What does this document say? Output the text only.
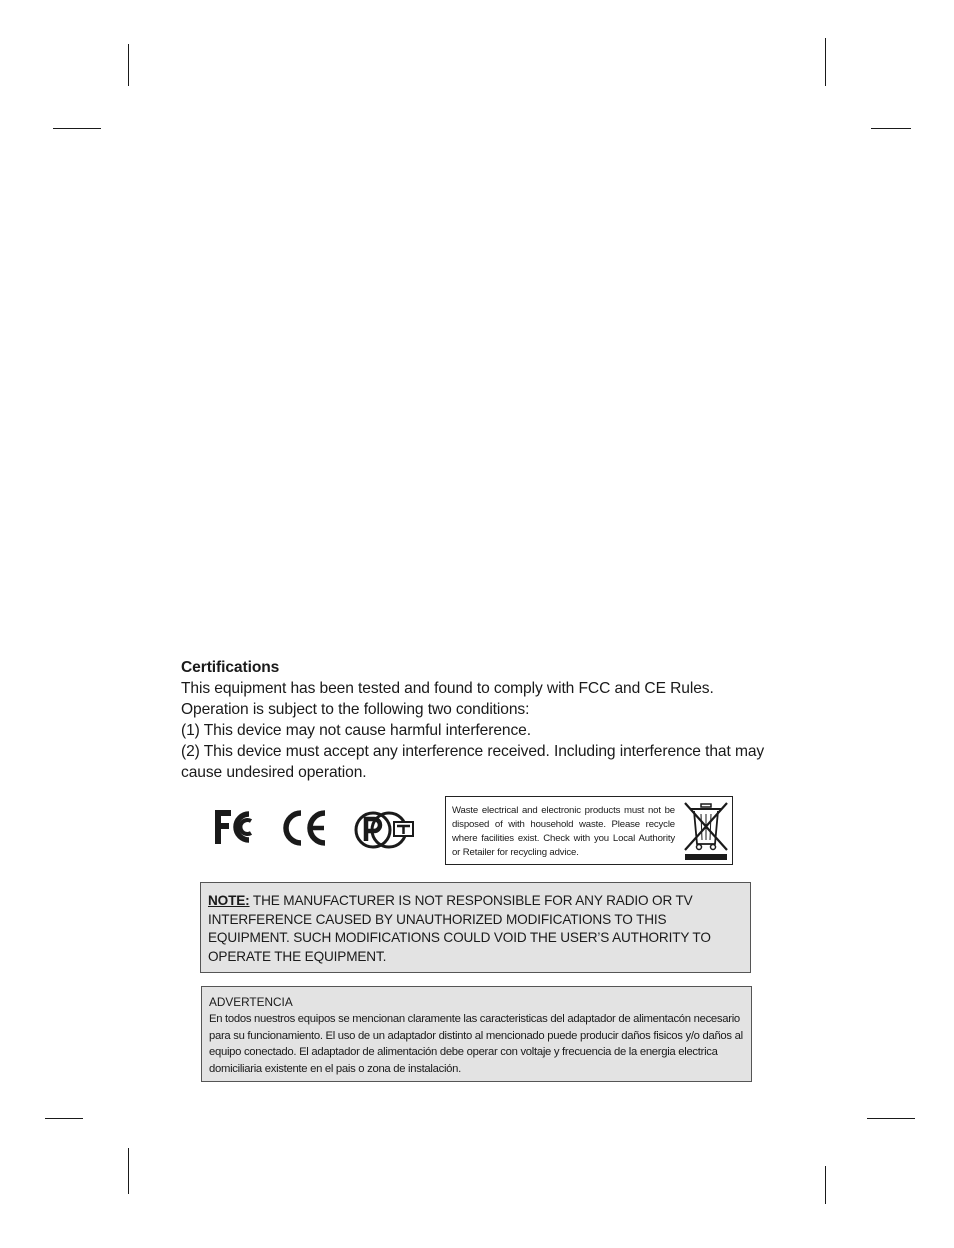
Certifications

This equipment has been tested and found to comply with FCC and CE Rules.

Operation is subject to the following two conditions:

(1) This device may not cause harmful interference.

(2) This device must accept any interference received. Including interference that may cause undesired operation.

Waste electrical and electronic products must not be disposed of with household waste. Please recycle where facilities exist. Check with you Local Authority or Retailer for recycling advice.

NOTE: THE MANUFACTURER IS NOT RESPONSIBLE FOR ANY RADIO OR TV INTERFERENCE CAUSED BY UNAUTHORIZED MODIFICATIONS TO THIS EQUIPMENT. SUCH MODIFICATIONS COULD VOID THE USER’S AUTHORITY TO OPERATE THE EQUIPMENT.

ADVERTENCIA

En todos nuestros equipos se mencionan claramente las caracteristicas del adaptador de alimentacón necesario para su funcionamiento. El uso de un adaptador distinto al mencionado puede producir daños fisicos y/o daños al equipo conectado. El adaptador de alimentación debe operar con voltaje y frecuencia de la energia electrica domiciliaria existente en el pais o zona de instalación.
